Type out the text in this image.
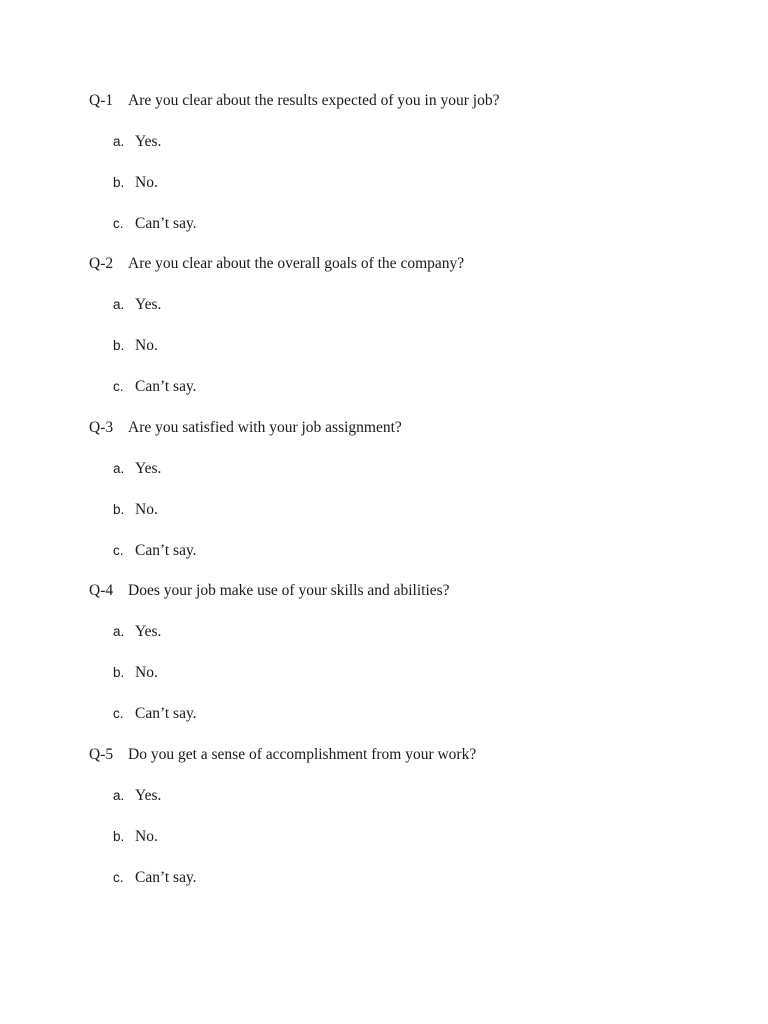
Q-1 Are you clear about the results expected of you in your job?
a. Yes.
b. No.
c. Can’t say.
Q-2 Are you clear about the overall goals of the company?
a. Yes.
b. No.
c. Can’t say.
Q-3 Are you satisfied with your job assignment?
a. Yes.
b. No.
c. Can’t say.
Q-4 Does your job make use of your skills and abilities?
a. Yes.
b. No.
c. Can’t say.
Q-5 Do you get a sense of accomplishment from your work?
a. Yes.
b. No.
c. Can’t say.
